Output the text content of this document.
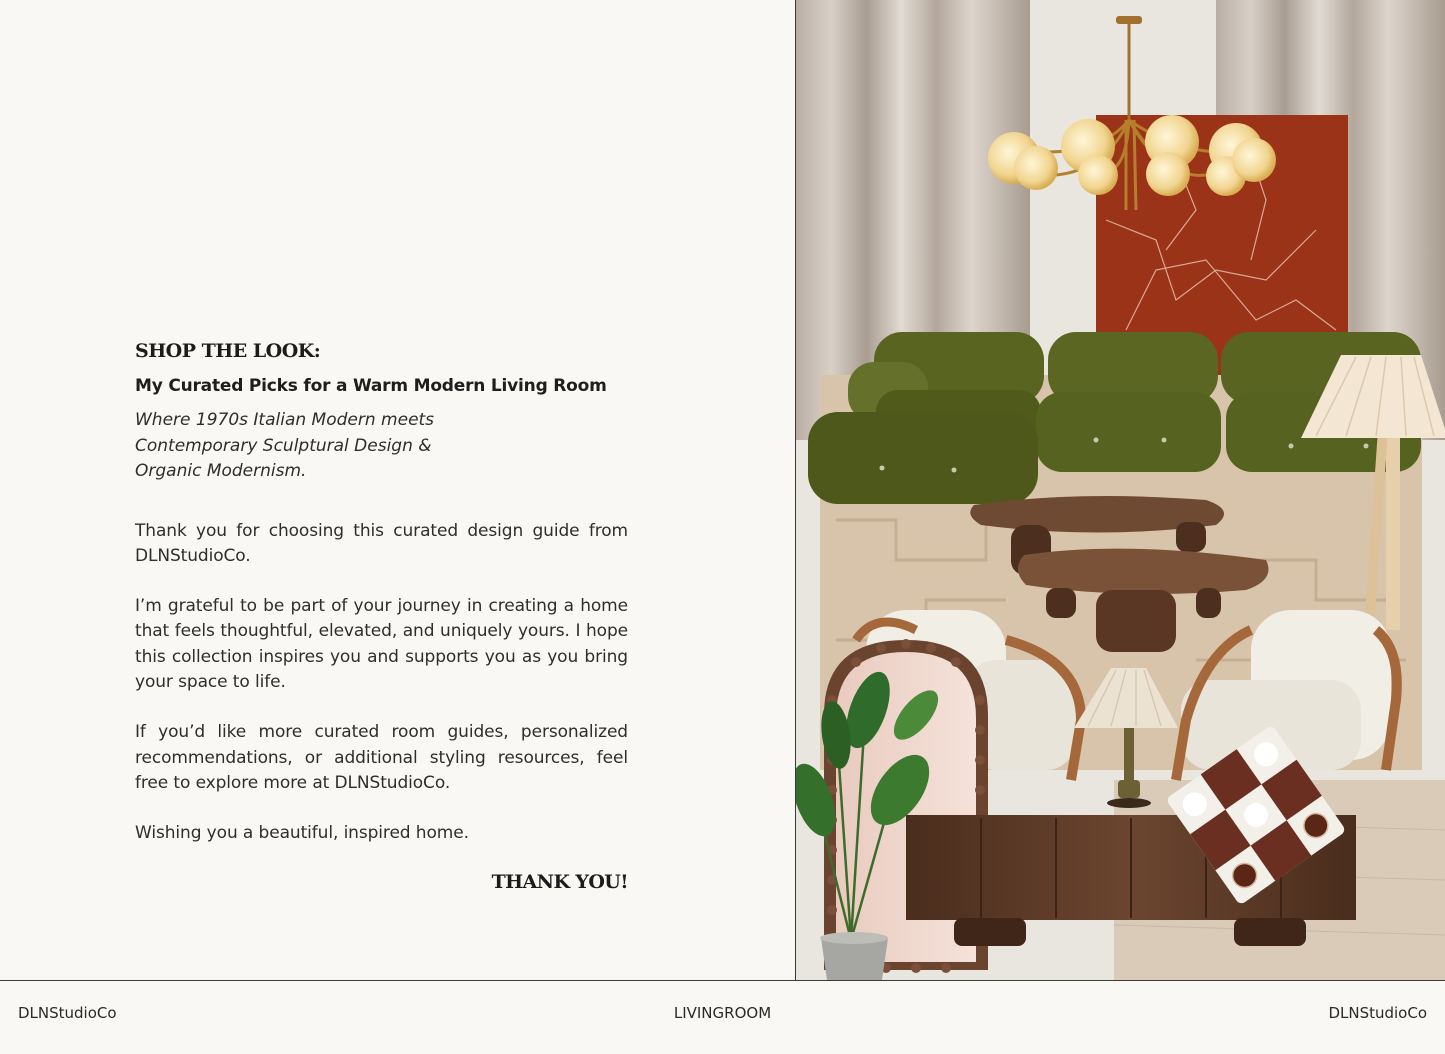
SHOP THE LOOK:
My Curated Picks for a Warm Modern Living Room

Where 1970s Italian Modern meets Contemporary Sculptural Design & Organic Modernism.

Thank you for choosing this curated design guide from DLNStudioCo.

I’m grateful to be part of your journey in creating a home that feels thoughtful, elevated, and uniquely yours. I hope this collection inspires you and supports you as you bring your space to life.

If you’d like more curated room guides, personalized recommendations, or additional styling resources, feel free to explore more at DLNStudioCo.

Wishing you a beautiful, inspired home.

THANK YOU!
DLNStudioCo	LIVINGROOM	DLNStudioCo
